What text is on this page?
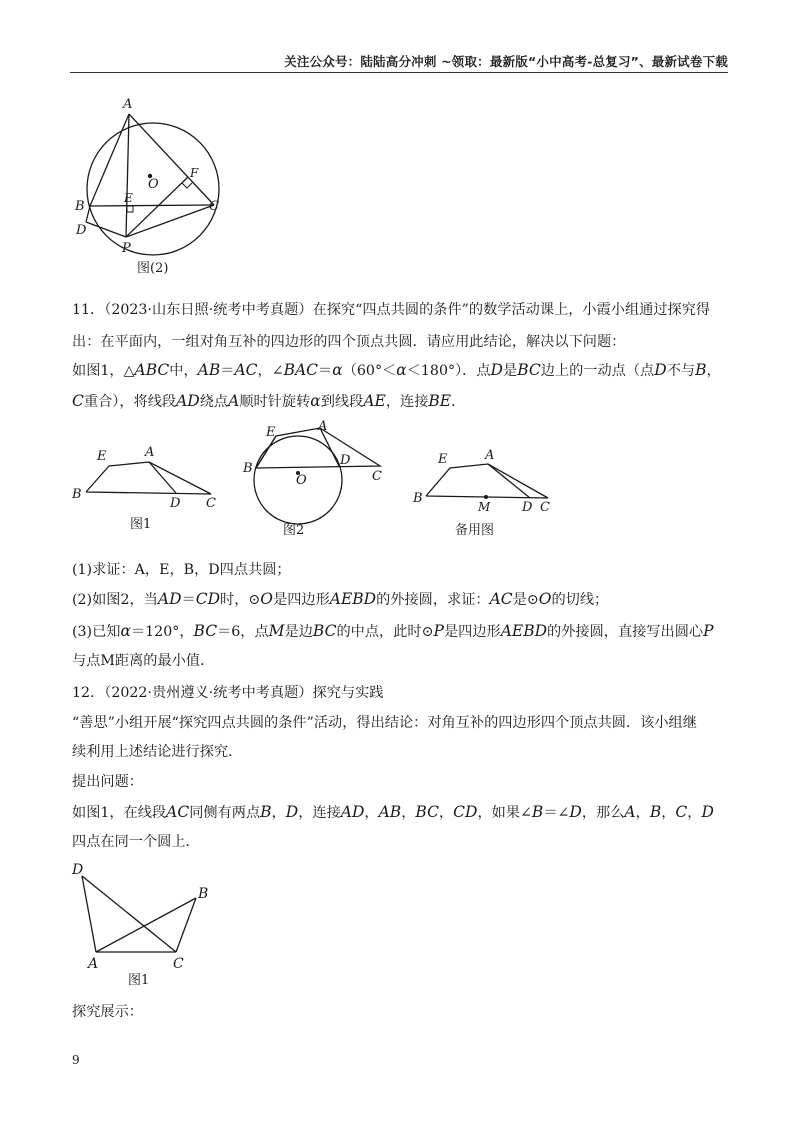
关注公众号：陆陆高分冲刺 ~领取：最新版“小中高考-总复习”、最新试卷下载
A
O
F
E
B	C
D
P
图(2)
11．（2023·山东日照·统考中考真题）在探究“四点共圆的条件”的数学活动课上，小霞小组通过探究得
出：在平面内，一组对角互补的四边形的四个顶点共圆．请应用此结论，解决以下问题：
如图1，△ABC中，AB＝AC，∠BAC＝α（60°＜α＜180°）．点D是BC边上的一动点（点D不与B，
C重合），将线段AD绕点A顺时针旋转α到线段AE，连接BE．
E	A
B
D C
图1
E	A
B
D
C
O
图2
E	A
B
M D C
备用图
(1)求证：A，E，B，D四点共圆；
(2)如图2，当AD＝CD时，⊙O是四边形AEBD的外接圆，求证：AC是⊙O的切线；
(3)已知α＝120°，BC＝6，点M是边BC的中点，此时⊙P是四边形AEBD的外接圆，直接写出圆心P
与点M距离的最小值．
12．（2022·贵州遵义·统考中考真题）探究与实践
“善思”小组开展“探究四点共圆的条件”活动，得出结论：对角互补的四边形四个顶点共圆．该小组继
续利用上述结论进行探究．
提出问题：
如图1，在线段AC同侧有两点B，D，连接AD，AB，BC，CD，如果∠B＝∠D，那么A，B，C，D
四点在同一个圆上．
D
B
A	C
图1
探究展示：
9
